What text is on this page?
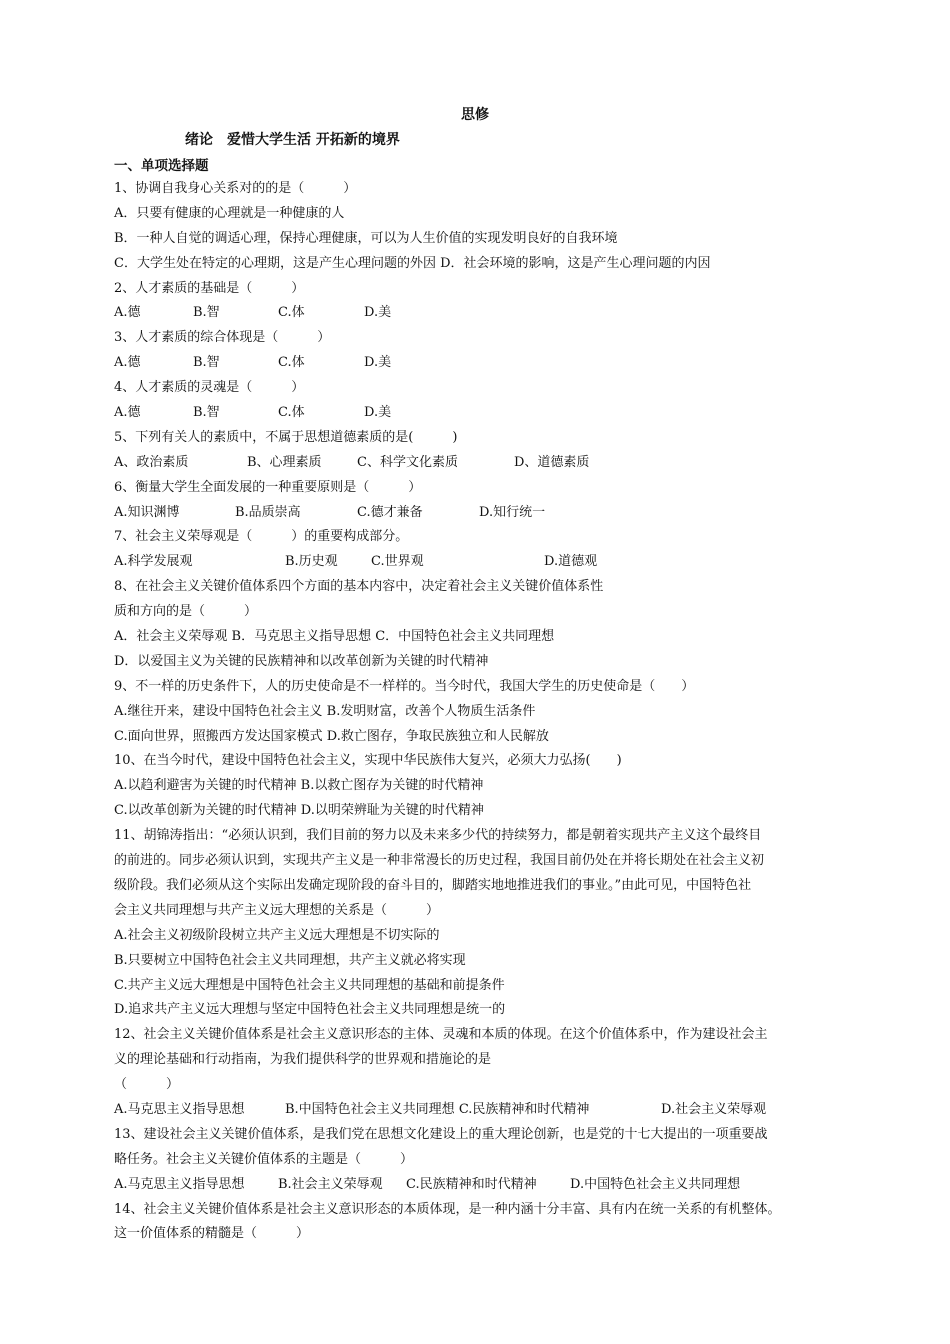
思修
绪论　爱惜大学生活 开拓新的境界
一、单项选择题
1、协调自我身心关系对的的是（　　　）
A．只要有健康的心理就是一种健康的人
B．一种人自觉的调适心理，保持心理健康，可以为人生价值的实现发明良好的自我环境
C．大学生处在特定的心理期，这是产生心理问题的外因 D．社会环境的影响，这是产生心理问题的内因
2、人才素质的基础是（　　　）
A.德	B.智	C.体	D.美
3、人才素质的综合体现是（　　　）
A.德	B.智	C.体	D.美
4、人才素质的灵魂是（　　　）
A.德	B.智	C.体	D.美
5、下列有关人的素质中，不属于思想道德素质的是(　　　)
A、政治素质	B、心理素质	C、科学文化素质	D、道德素质
6、衡量大学生全面发展的一种重要原则是（　　　）
A.知识渊博	B.品质崇高	C.德才兼备	D.知行统一
7、社会主义荣辱观是（　　　）的重要构成部分。
A.科学发展观	B.历史观	C.世界观	D.道德观
8、在社会主义关键价值体系四个方面的基本内容中，决定着社会主义关键价值体系性
质和方向的是（　　　）
A．社会主义荣辱观 B．马克思主义指导思想 C．中国特色社会主义共同理想
D．以爱国主义为关键的民族精神和以改革创新为关键的时代精神
9、不一样的历史条件下，人的历史使命是不一样样的。当今时代，我国大学生的历史使命是（　　）
A.继往开来，建设中国特色社会主义 B.发明财富，改善个人物质生活条件
C.面向世界，照搬西方发达国家模式 D.救亡图存，争取民族独立和人民解放
10、在当今时代，建设中国特色社会主义，实现中华民族伟大复兴，必须大力弘扬(　　)
A.以趋利避害为关键的时代精神 B.以救亡图存为关键的时代精神
C.以改革创新为关键的时代精神 D.以明荣辨耻为关键的时代精神
11、胡锦涛指出：“必须认识到，我们目前的努力以及未来多少代的持续努力，都是朝着实现共产主义这个最终目
的前进的。同步必须认识到，实现共产主义是一种非常漫长的历史过程，我国目前仍处在并将长期处在社会主义初
级阶段。我们必须从这个实际出发确定现阶段的奋斗目的，脚踏实地地推进我们的事业。”由此可见，中国特色社
会主义共同理想与共产主义远大理想的关系是（　　　）
A.社会主义初级阶段树立共产主义远大理想是不切实际的
B.只要树立中国特色社会主义共同理想，共产主义就必将实现
C.共产主义远大理想是中国特色社会主义共同理想的基础和前提条件
D.追求共产主义远大理想与坚定中国特色社会主义共同理想是统一的
12、社会主义关键价值体系是社会主义意识形态的主体、灵魂和本质的体现。在这个价值体系中，作为建设社会主
义的理论基础和行动指南，为我们提供科学的世界观和措施论的是
（　　　）
A.马克思主义指导思想	B.中国特色社会主义共同理想 C.民族精神和时代精神	D.社会主义荣辱观
13、建设社会主义关键价值体系，是我们党在思想文化建设上的重大理论创新，也是党的十七大提出的一项重要战
略任务。社会主义关键价值体系的主题是（　　　）
A.马克思主义指导思想	B.社会主义荣辱观 C.民族精神和时代精神	D.中国特色社会主义共同理想
14、社会主义关键价值体系是社会主义意识形态的本质体现，是一种内涵十分丰富、具有内在统一关系的有机整体。
这一价值体系的精髓是（　　　）
